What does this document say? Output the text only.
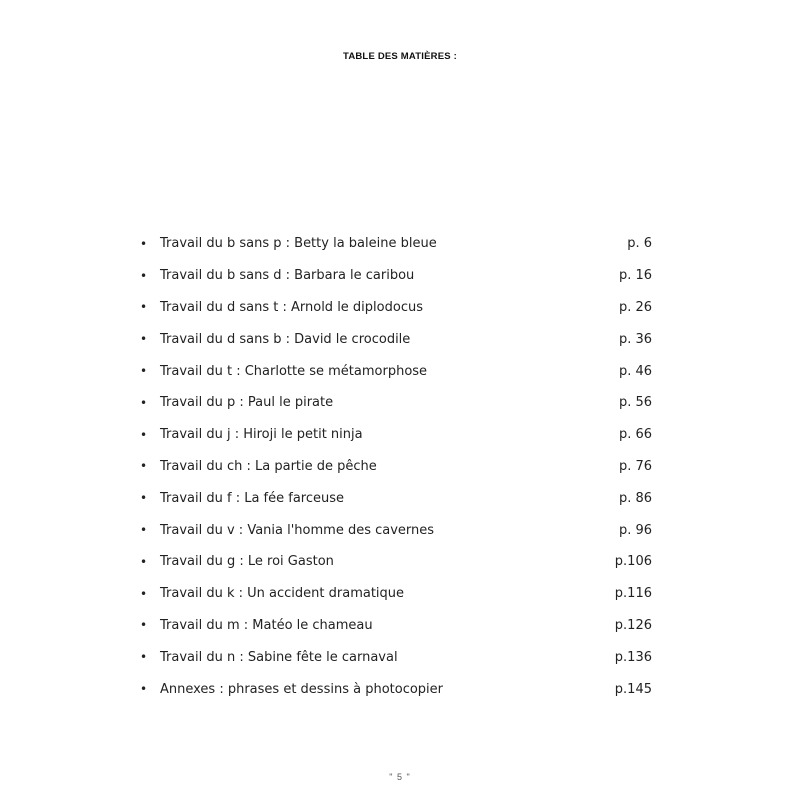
TABLE DES MATIÈRES :
• Travail du b sans p : Betty la baleine bleue	p. 6
• Travail du b sans d : Barbara le caribou	p. 16
• Travail du d sans t : Arnold le diplodocus	p. 26
• Travail du d sans b : David le crocodile	p. 36
• Travail du t : Charlotte se métamorphose	p. 46
• Travail du p : Paul le pirate	p. 56
• Travail du j : Hiroji le petit ninja	p. 66
• Travail du ch : La partie de pêche	p. 76
• Travail du f : La fée farceuse	p. 86
• Travail du v : Vania l'homme des cavernes	p. 96
• Travail du g : Le roi Gaston	p.106
• Travail du k : Un accident dramatique	p.116
• Travail du m : Matéo le chameau	p.126
• Travail du n : Sabine fête le carnaval	p.136
• Annexes : phrases et dessins à photocopier	p.145
" 5 "
